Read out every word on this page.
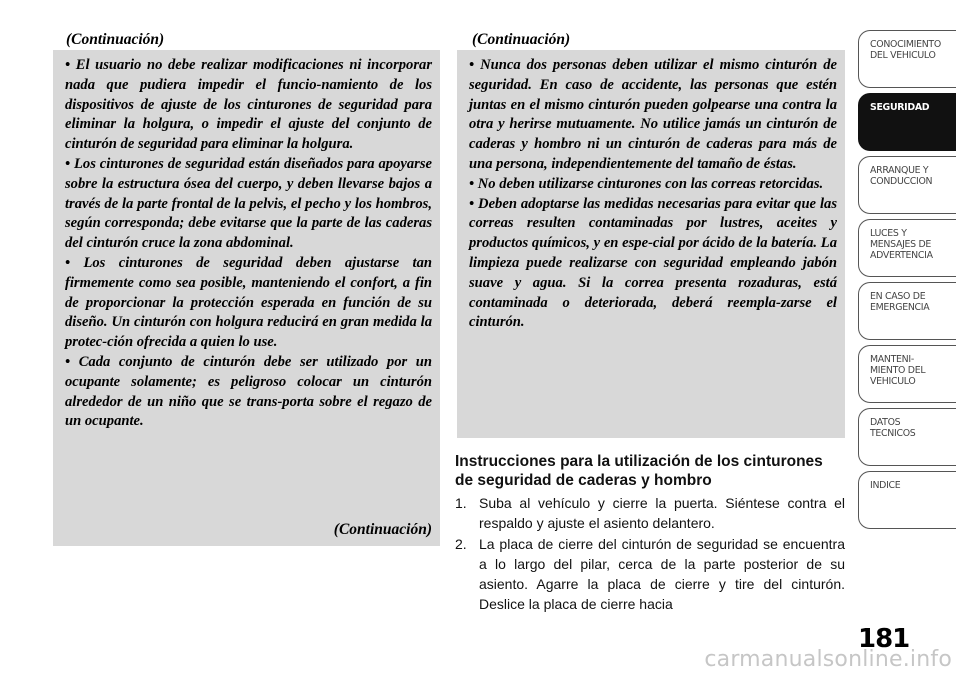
(Continuación)

• El usuario no debe realizar modificaciones ni incorporar nada que pudiera impedir el funcio-namiento de los dispositivos de ajuste de los cinturones de seguridad para eliminar la holgura, o impedir el ajuste del conjunto de cinturón de seguridad para eliminar la holgura.

• Los cinturones de seguridad están diseñados para apoyarse sobre la estructura ósea del cuerpo, y deben llevarse bajos a través de la parte frontal de la pelvis, el pecho y los hombros, según corresponda; debe evitarse que la parte de las caderas del cinturón cruce la zona abdominal.

• Los cinturones de seguridad deben ajustarse tan firmemente como sea posible, manteniendo el confort, a fin de proporcionar la protección esperada en función de su diseño. Un cinturón con holgura reducirá en gran medida la protec-ción ofrecida a quien lo use.

• Cada conjunto de cinturón debe ser utilizado por un ocupante solamente; es peligroso colocar un cinturón alrededor de un niño que se trans-porta sobre el regazo de un ocupante.

(Continuación)
(Continuación)

• Nunca dos personas deben utilizar el mismo cinturón de seguridad. En caso de accidente, las personas que estén juntas en el mismo cinturón pueden golpearse una contra la otra y herirse mutuamente. No utilice jamás un cinturón de caderas y hombro ni un cinturón de caderas para más de una persona, independientemente del tamaño de éstas.

• No deben utilizarse cinturones con las correas retorcidas.

• Deben adoptarse las medidas necesarias para evitar que las correas resulten contaminadas por lustres, aceites y productos químicos, y en espe-cial por ácido de la batería. La limpieza puede realizarse con seguridad empleando jabón suave y agua. Si la correa presenta rozaduras, está contaminada o deteriorada, deberá reempla-zarse el cinturón.

Instrucciones para la utilización de los cinturones de seguridad de caderas y hombro
1. Suba al vehículo y cierre la puerta. Siéntese contra el respaldo y ajuste el asiento delantero.
2. La placa de cierre del cinturón de seguridad se encuentra a lo largo del pilar, cerca de la parte posterior de su asiento. Agarre la placa de cierre y tire del cinturón. Deslice la placa de cierre hacia
CONOCIMIENTO
DEL VEHICULO
SEGURIDAD
ARRANQUE Y
CONDUCCION
LUCES Y
MENSAJES DE
ADVERTENCIA
EN CASO DE
EMERGENCIA
MANTENI-
MIENTO DEL
VEHICULO
DATOS
TECNICOS
INDICE
181
carmanualsonline.info
